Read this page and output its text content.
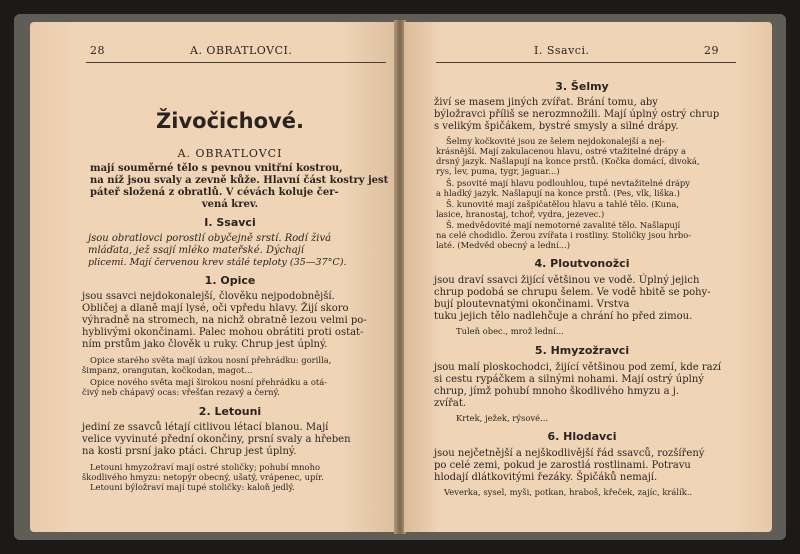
28	A. OBRATLOVCI.
Živočichové.
A. OBRATLOVCI
mají souměrné tělo s pevnou vnitřní kostrou,
na níž jsou svaly a zevně kůže. Hlavní část kostry jest
páteř složená z obratlů. V cévách koluje čer-
vená krev.
I. Ssavci
jsou obratlovci porostlí obyčejně srstí. Rodí živá
mláďata, jež ssají mléko mateřské. Dýchají
plicemi. Mají červenou krev stálé teploty (35—37°C).
1. Opice
jsou ssavci nejdokonalejší, člověku nejpodobnější.
Obličej a dlaně mají lysé, oči vpředu hlavy. Žijí skoro
výhradně na stromech, na nichž obratně lezou velmi po-
hyblivými okončinami. Palec mohou obrátiti proti ostat-
ním prstům jako člověk u ruky. Chrup jest úplný.
Opice starého světa mají úzkou nosní přehrádku: gorilla,
šimpanz, orangutan, kočkodan, magot...
Opice nového světa mají širokou nosní přehrádku a otá-
čivý neb chápavý ocas: vřešťan rezavý a černý.
2. Letouni
jediní ze ssavců létají citlivou létací blanou. Mají
velice vyvinuté přední okončiny, prsní svaly a hřeben
na kosti prsní jako ptáci. Chrup jest úplný.
Letouni hmyzožraví mají ostré stoličky; pohubí mnoho
škodlivého hmyzu: netopýr obecný, ušatý, vrápenec, upír.
Letouni býložraví mají tupé stoličky: kaloň jedlý.
I. Ssavci.	29
3. Šelmy
živí se masem jiných zvířat. Brání tomu, aby
býložravci příliš se nerozmnožili. Mají úplný ostrý chrup
s velikým špičákem, bystré smysly a silné drápy.
Šelmy kočkovité jsou ze šelem nejdokonalejší a nej-
krásnější. Mají zakulacenou hlavu, ostré vtažitelné drápy a
drsný jazyk. Našlapují na konce prstů. (Kočka domácí, divoká,
rys, lev, puma, tygr, jaguar...)
Š. psovité mají hlavu podlouhlou, tupé nevtažitelné drápy
a hladký jazyk. Našlapují na konce prstů. (Pes, vlk, liška.)
Š. kunovité mají zašpičatělou hlavu a tahlé tělo. (Kuna,
lasice, hranostaj, tchoř, vydra, jezevec.)
Š. medvědovité mají nemotorné zavalité tělo. Našlapují
na celé chodidlo. Žerou zvířata i rostliny. Stoličky jsou hrbo-
laté. (Medvěd obecný a lední...)
4. Ploutvonožci
jsou draví ssavci žijící většinou ve vodě. Úplný jejich
chrup podobá se chrupu šelem. Ve vodě hbitě se pohy-
bují ploutevnatými okončinami. Vrstva
tuku jejich tělo nadlehčuje a chrání ho před zimou.
Tuleň obec., mrož lední...
5. Hmyzožravci
jsou malí ploskochodci, žijící většinou pod zemí, kde razí
si cestu rypáčkem a silnými nohami. Mají ostrý úplný
chrup, jímž pohubí mnoho škodlivého hmyzu a j.
zvířat.
Krtek, ježek, rýsové...
6. Hlodavci
jsou nejčetnější a nejškodlivější řád ssavců, rozšířený
po celé zemi, pokud je zarostlá rostlinami. Potravu
hlodají dlátkovitými řezáky. Špičáků nemají.
Veverka, sysel, myši, potkan, hraboš, křeček, zajíc, králík..
